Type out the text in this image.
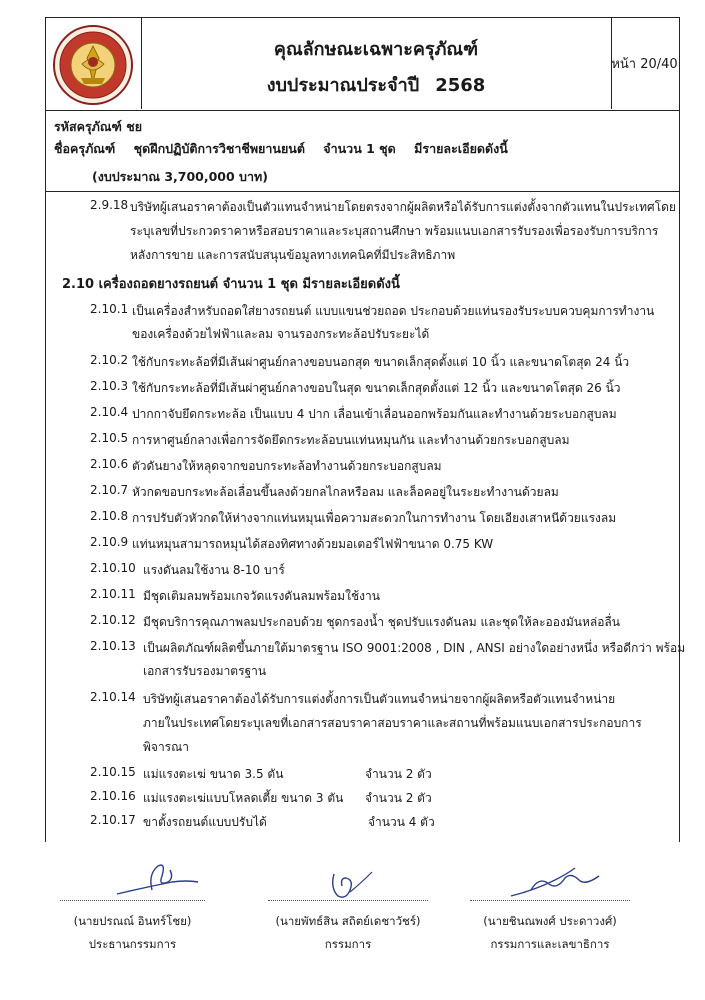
คุณลักษณะเฉพาะครุภัณฑ์
งบประมาณประจำปี 2568
หน้า 20/40
รหัสครุภัณฑ์ ชย
ชื่อครุภัณฑ์ ชุดฝึกปฏิบัติการวิชาชีพยานยนต์ จำนวน 1 ชุด มีรายละเอียดดังนี้
(งบประมาณ 3,700,000 บาท)
2.9.18 บริษัทผู้เสนอราคาต้องเป็นตัวแทนจำหน่ายโดยตรงจากผู้ผลิตหรือได้รับการแต่งตั้งจากตัวแทนในประเทศโดย
ระบุเลขที่ประกวดราคาหรือสอบราคาและระบุสถานศึกษา พร้อมแนบเอกสารรับรองเพื่อรองรับการบริการ
หลังการขาย และการสนับสนุนข้อมูลทางเทคนิคที่มีประสิทธิภาพ
2.10 เครื่องถอดยางรถยนต์ จำนวน 1 ชุด มีรายละเอียดดังนี้
2.10.1 เป็นเครื่องสำหรับถอดใส่ยางรถยนต์ แบบแขนช่วยถอด ประกอบด้วยแท่นรองรับระบบควบคุมการทำงาน
ของเครื่องด้วยไฟฟ้าและลม จานรองกระทะล้อปรับระยะได้
2.10.2 ใช้กับกระทะล้อที่มีเส้นผ่าศูนย์กลางขอบนอกสุด ขนาดเล็กสุดตั้งแต่ 10 นิ้ว และขนาดโตสุด 24 นิ้ว
2.10.3 ใช้กับกระทะล้อที่มีเส้นผ่าศูนย์กลางขอบในสุด ขนาดเล็กสุดตั้งแต่ 12 นิ้ว และขนาดโตสุด 26 นิ้ว
2.10.4 ปากกาจับยึดกระทะล้อ เป็นแบบ 4 ปาก เลื่อนเข้าเลื่อนออกพร้อมกันและทำงานด้วยระบอกสูบลม
2.10.5 การหาศูนย์กลางเพื่อการจัดยึดกระทะล้อบนแท่นหมุนกัน และทำงานด้วยกระบอกสูบลม
2.10.6 ตัวดันยางให้หลุดจากขอบกระทะล้อทำงานด้วยกระบอกสูบลม
2.10.7 หัวกดขอบกระทะล้อเลื่อนขึ้นลงด้วยกลไกลหรือลม และล็อคอยู่ในระยะทำงานด้วยลม
2.10.8 การปรับตัวหัวกดให้ห่างจากแท่นหมุนเพื่อความสะดวกในการทำงาน โดยเอียงเสาหนีด้วยแรงลม
2.10.9 แท่นหมุนสามารถหมุนได้สองทิศทางด้วยมอเตอร์ไฟฟ้าขนาด 0.75 KW
2.10.10 แรงดันลมใช้งาน 8-10 บาร์
2.10.11 มีชุดเติมลมพร้อมเกจวัดแรงดันลมพร้อมใช้งาน
2.10.12 มีชุดบริการคุณภาพลมประกอบด้วย ชุดกรองน้ำ ชุดปรับแรงดันลม และชุดให้ละอองมันหล่อลื่น
2.10.13 เป็นผลิตภัณฑ์ผลิตขึ้นภายใต้มาตรฐาน ISO 9001:2008 , DIN , ANSI อย่างใดอย่างหนึ่ง หรือดีกว่า พร้อม
เอกสารรับรองมาตรฐาน
2.10.14 บริษัทผู้เสนอราคาต้องได้รับการแต่งตั้งการเป็นตัวแทนจำหน่ายจากผู้ผลิตหรือตัวแทนจำหน่าย
ภายในประเทศโดยระบุเลขที่เอกสารสอบราคาสอบราคาและสถานที่พร้อมแนบเอกสารประกอบการ
พิจารณา
2.10.15 แม่แรงตะเฆ่ ขนาด 3.5 ตัน	จำนวน 2 ตัว
2.10.16 แม่แรงตะเฆ่แบบโหลดเตี้ย ขนาด 3 ตัน จำนวน 2 ตัว
2.10.17 ขาตั้งรถยนต์แบบปรับได้	จำนวน 4 ตัว
(นายปรณณ์ อินทร์โชย)
ประธานกรรมการ
(นายพัทธ์สิน สถิตย์เดชาวัชร์)
กรรมการ
(นายชินณพงศ์ ประดาวงศ์)
กรรมการและเลขาธิการ
